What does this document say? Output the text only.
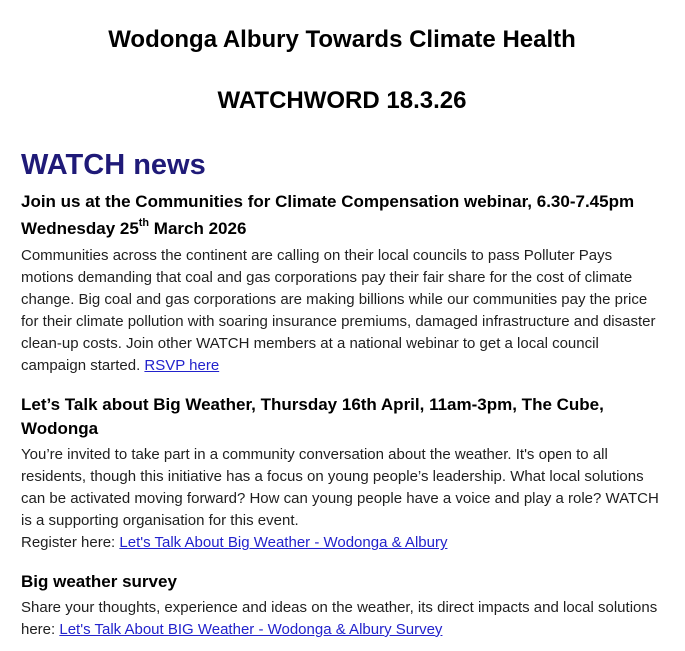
Wodonga Albury Towards Climate Health
WATCHWORD 18.3.26
WATCH news
Join us at the Communities for Climate Compensation webinar, 6.30-7.45pm Wednesday 25th March 2026

Communities across the continent are calling on their local councils to pass Polluter Pays motions demanding that coal and gas corporations pay their fair share for the cost of climate change. Big coal and gas corporations are making billions while our communities pay the price for their climate pollution with soaring insurance premiums, damaged infrastructure and disaster clean-up costs. Join other WATCH members at a national webinar to get a local council campaign started. RSVP here

Let’s Talk about Big Weather, Thursday 16th April, 11am-3pm, The Cube, Wodonga

You’re invited to take part in a community conversation about the weather. It's open to all residents, though this initiative has a focus on young people’s leadership. What local solutions can be activated moving forward? How can young people have a voice and play a role? WATCH is a supporting organisation for this event.
Register here: Let's Talk About Big Weather - Wodonga & Albury

Big weather survey

Share your thoughts, experience and ideas on the weather, its direct impacts and local solutions here: Let's Talk About BIG Weather - Wodonga & Albury Survey
